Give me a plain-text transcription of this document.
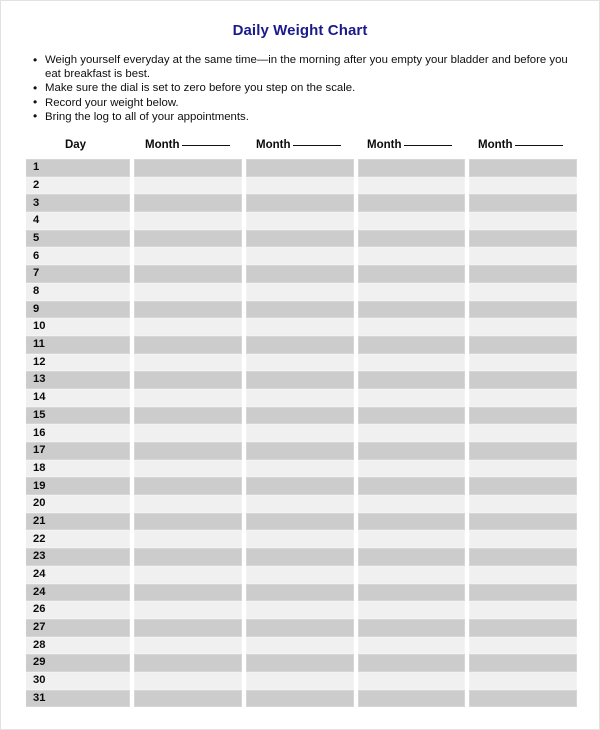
Daily Weight Chart
• Weigh yourself everyday at the same time—in the morning after you empty your bladder and before you eat breakfast is best.
• Make sure the dial is set to zero before you step on the scale.
• Record your weight below.
• Bring the log to all of your appointments.
Day	Month	Month	Month	Month
1
2
3
4
5
6
7
8
9
10
11
12
13
14
15
16
17
18
19
20
21
22
23
24
24
26
27
28
29
30
31
